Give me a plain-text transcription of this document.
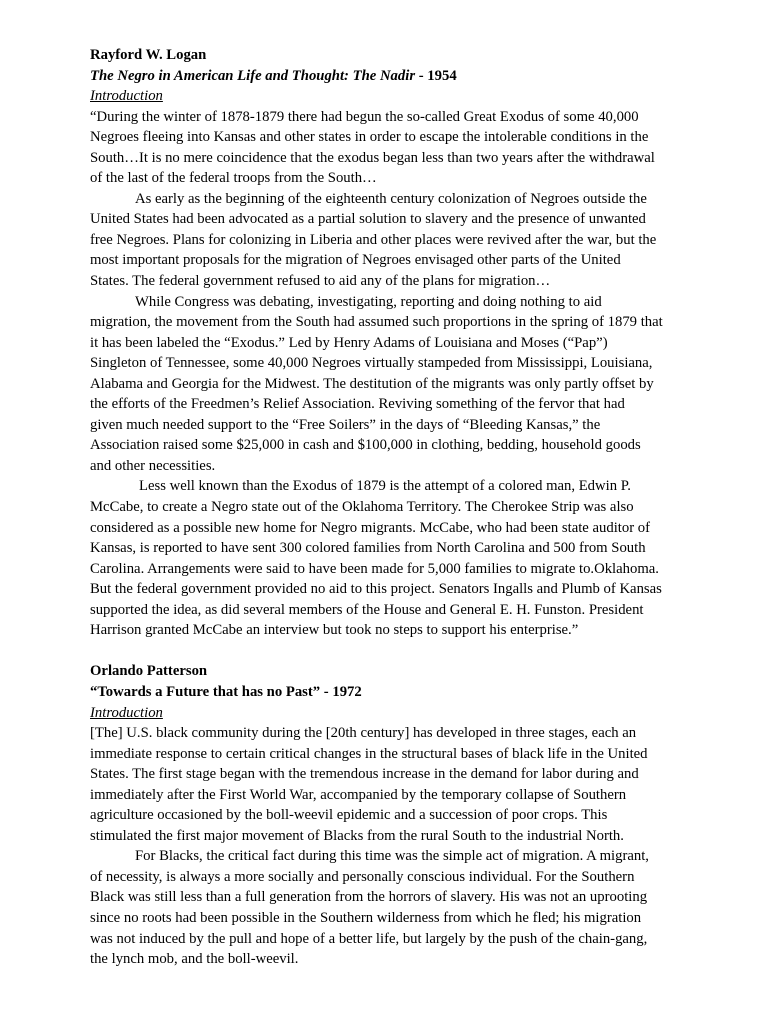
Rayford W. Logan
The Negro in American Life and Thought: The Nadir - 1954
Introduction
“During the winter of 1878-1879 there had begun the so-called Great Exodus of some 40,000
Negroes fleeing into Kansas and other states in order to escape the intolerable conditions in the
South…It is no mere coincidence that the exodus began less than two years after the withdrawal
of the last of the federal troops from the South…
As early as the beginning of the eighteenth century colonization of Negroes outside the
United States had been advocated as a partial solution to slavery and the presence of unwanted
free Negroes. Plans for colonizing in Liberia and other places were revived after the war, but the
most important proposals for the migration of Negroes envisaged other parts of the United
States. The federal government refused to aid any of the plans for migration…
While Congress was debating, investigating, reporting and doing nothing to aid
migration, the movement from the South had assumed such proportions in the spring of 1879 that
it has been labeled the “Exodus.” Led by Henry Adams of Louisiana and Moses (“Pap”)
Singleton of Tennessee, some 40,000 Negroes virtually stampeded from Mississippi, Louisiana,
Alabama and Georgia for the Midwest. The destitution of the migrants was only partly offset by
the efforts of the Freedmen’s Relief Association. Reviving something of the fervor that had
given much needed support to the “Free Soilers” in the days of “Bleeding Kansas,” the
Association raised some $25,000 in cash and $100,000 in clothing, bedding, household goods
and other necessities.
Less well known than the Exodus of 1879 is the attempt of a colored man, Edwin P.
McCabe, to create a Negro state out of the Oklahoma Territory. The Cherokee Strip was also
considered as a possible new home for Negro migrants. McCabe, who had been state auditor of
Kansas, is reported to have sent 300 colored families from North Carolina and 500 from South
Carolina. Arrangements were said to have been made for 5,000 families to migrate to.Oklahoma.
But the federal government provided no aid to this project. Senators Ingalls and Plumb of Kansas
supported the idea, as did several members of the House and General E. H. Funston. President
Harrison granted McCabe an interview but took no steps to support his enterprise.”
Orlando Patterson
“Towards a Future that has no Past” - 1972
Introduction
[The] U.S. black community during the [20th century] has developed in three stages, each an
immediate response to certain critical changes in the structural bases of black life in the United
States. The first stage began with the tremendous increase in the demand for labor during and
immediately after the First World War, accompanied by the temporary collapse of Southern
agriculture occasioned by the boll-weevil epidemic and a succession of poor crops. This
stimulated the first major movement of Blacks from the rural South to the industrial North.
For Blacks, the critical fact during this time was the simple act of migration. A migrant,
of necessity, is always a more socially and personally conscious individual. For the Southern
Black was still less than a full generation from the horrors of slavery. His was not an uprooting
since no roots had been possible in the Southern wilderness from which he fled; his migration
was not induced by the pull and hope of a better life, but largely by the push of the chain-gang,
the lynch mob, and the boll-weevil.
